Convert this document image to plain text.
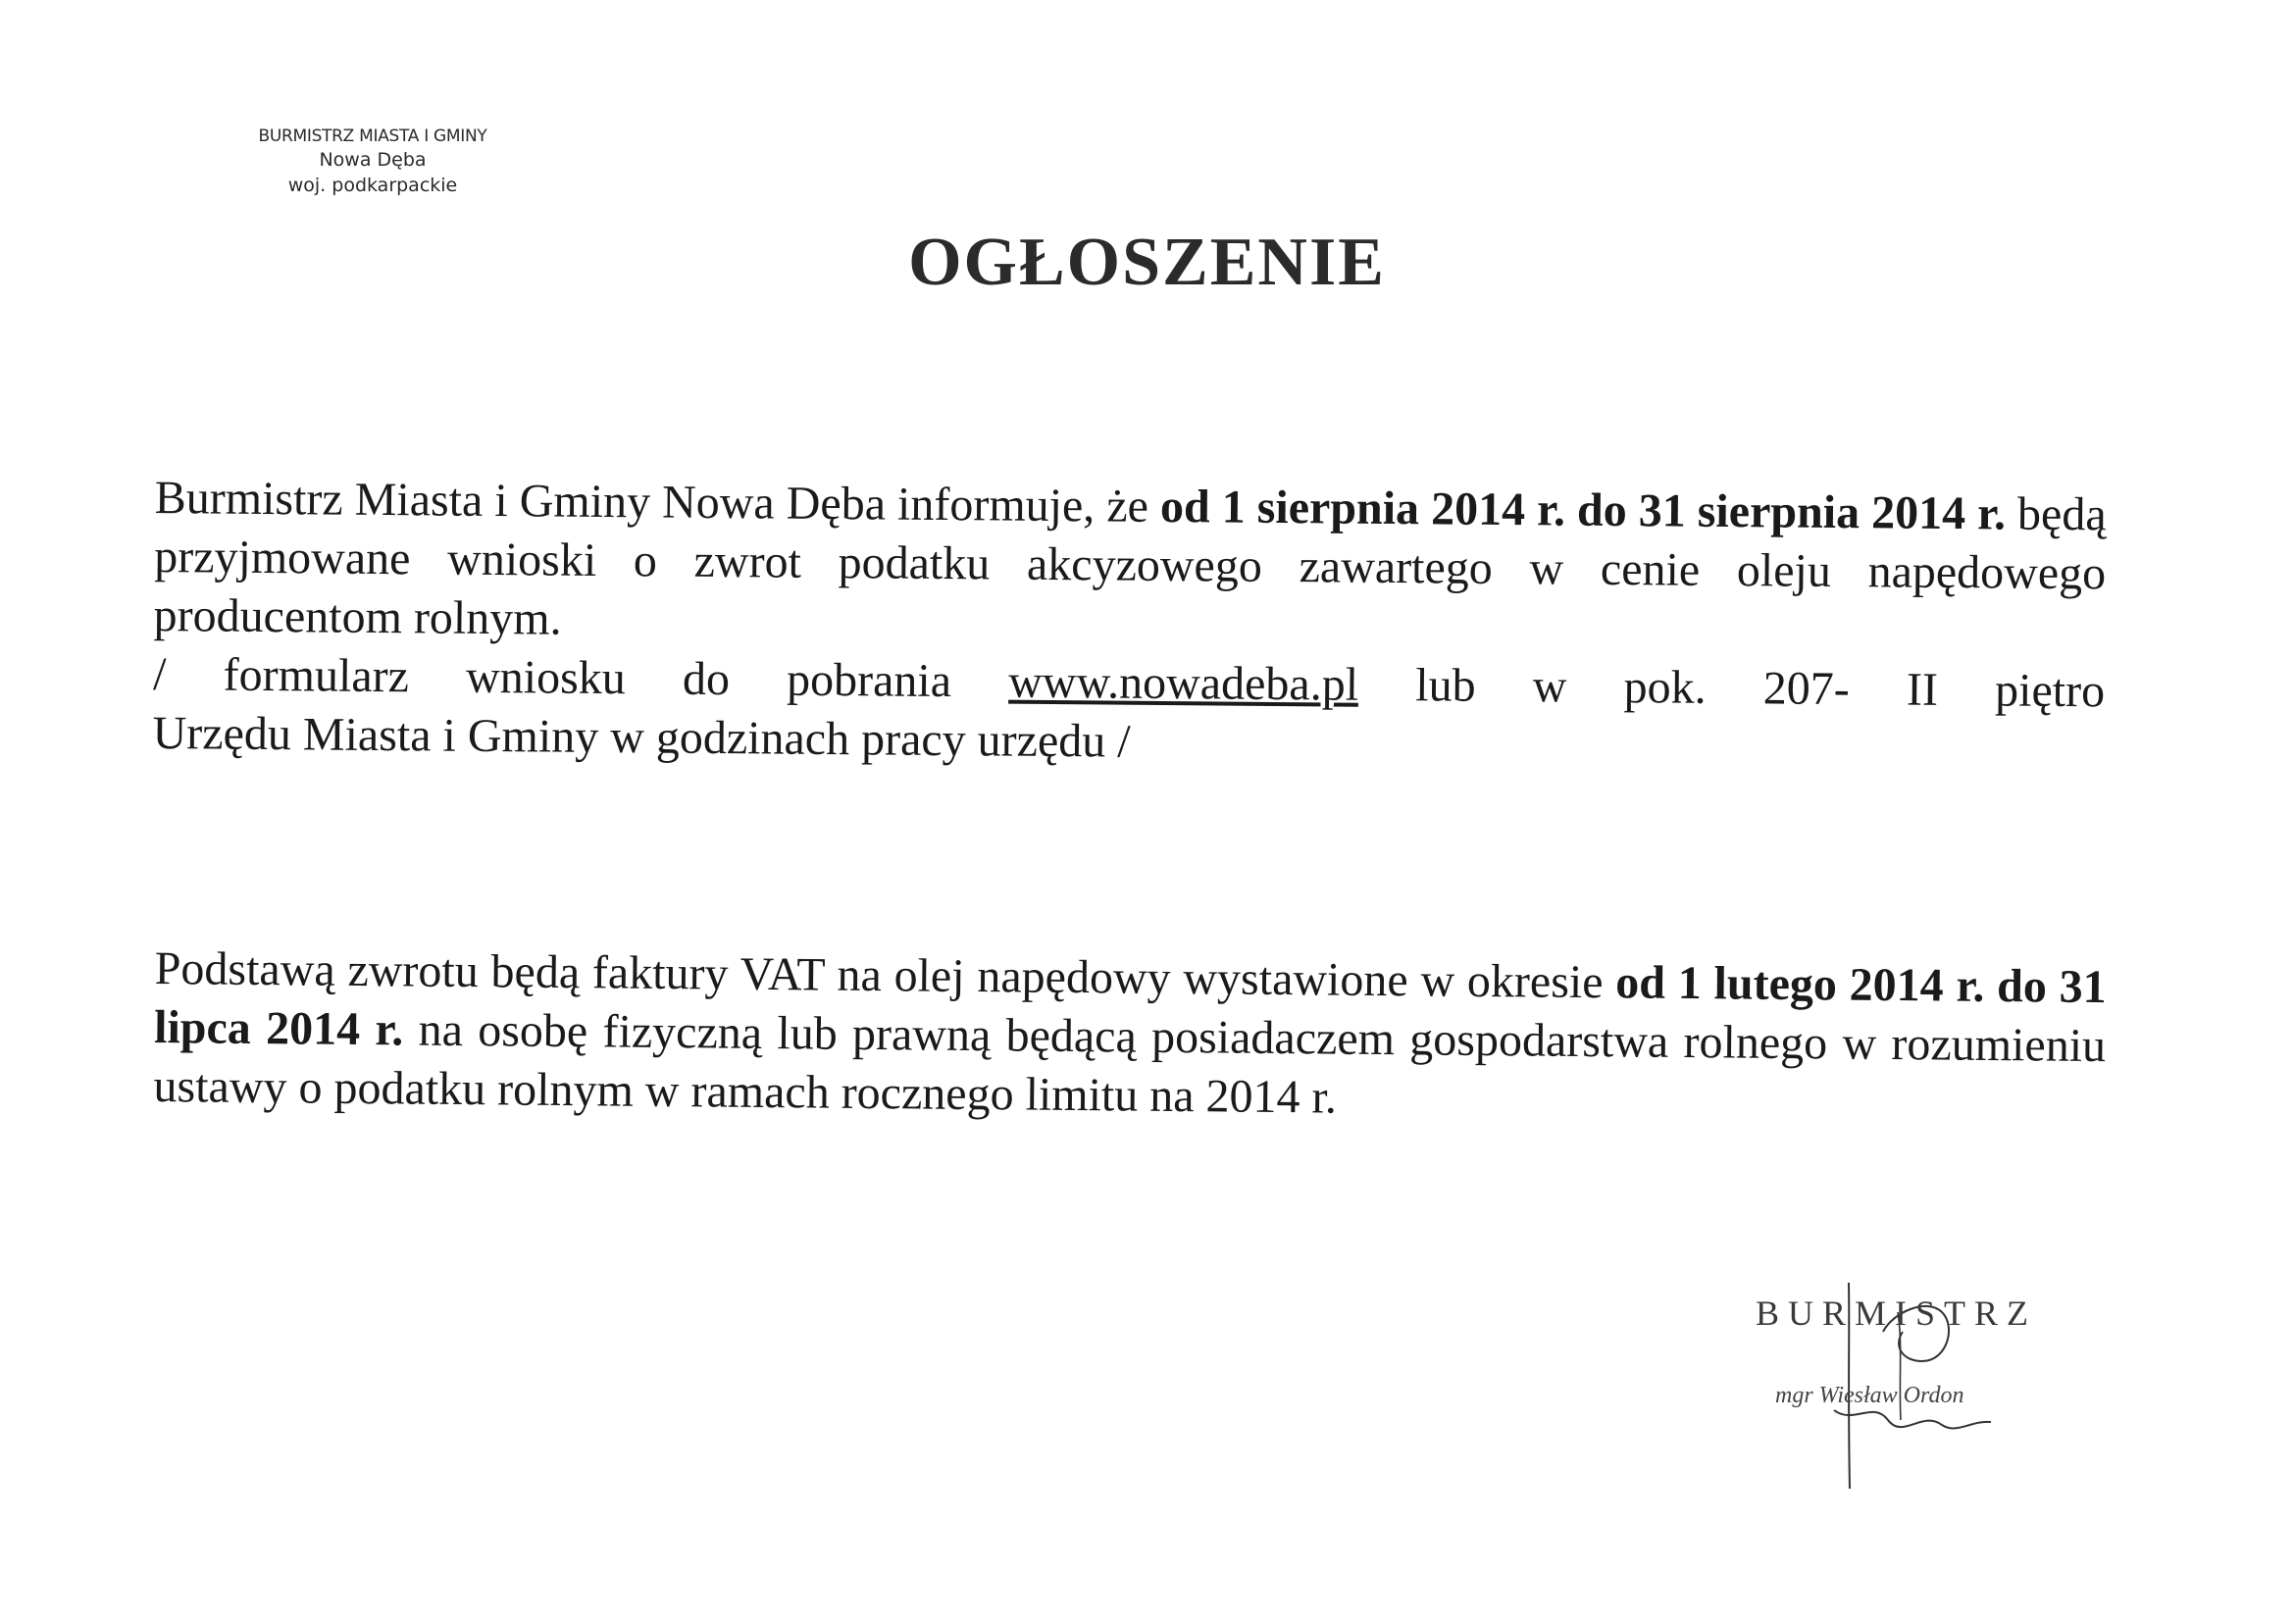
BURMISTRZ MIASTA I GMINY
Nowa Dęba
woj. podkarpackie
OGŁOSZENIE

Burmistrz Miasta i Gminy Nowa Dęba informuje, że od 1 sierpnia 2014 r. do 31 sierpnia 2014 r. będą przyjmowane wnioski o zwrot podatku akcyzowego zawartego w cenie oleju napędowego producentom rolnym.
/ formularz wniosku do pobrania www.nowadeba.pl lub w pok. 207- II piętro
Urzędu Miasta i Gminy w godzinach pracy urzędu /

Podstawą zwrotu będą faktury VAT na olej napędowy wystawione w okresie od 1 lutego 2014 r. do 31 lipca 2014 r. na osobę fizyczną lub prawną będącą posiadaczem gospodarstwa rolnego w rozumieniu ustawy o podatku rolnym w ramach rocznego limitu na 2014 r.

BURMISTRZ
mgr Wiesław Ordon
